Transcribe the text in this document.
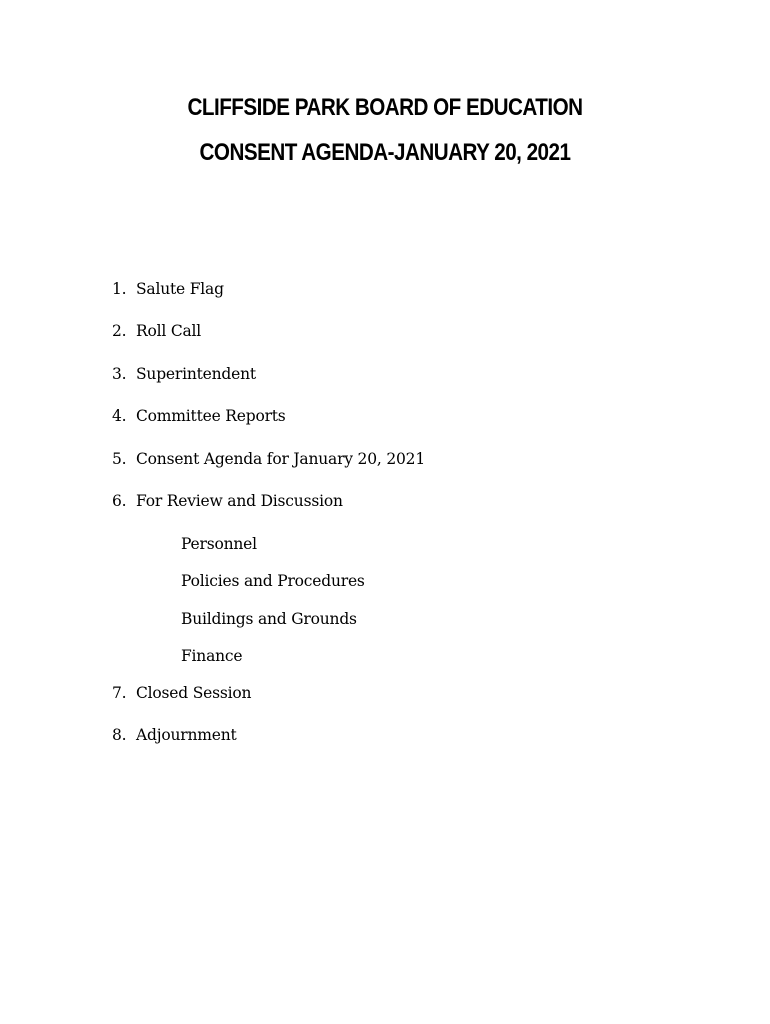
CLIFFSIDE PARK BOARD OF EDUCATION
CONSENT AGENDA-JANUARY 20, 2021
1. Salute Flag
2. Roll Call
3. Superintendent
4. Committee Reports
5. Consent Agenda for January 20, 2021
6. For Review and Discussion
Personnel
Policies and Procedures
Buildings and Grounds
Finance
7. Closed Session
8. Adjournment
